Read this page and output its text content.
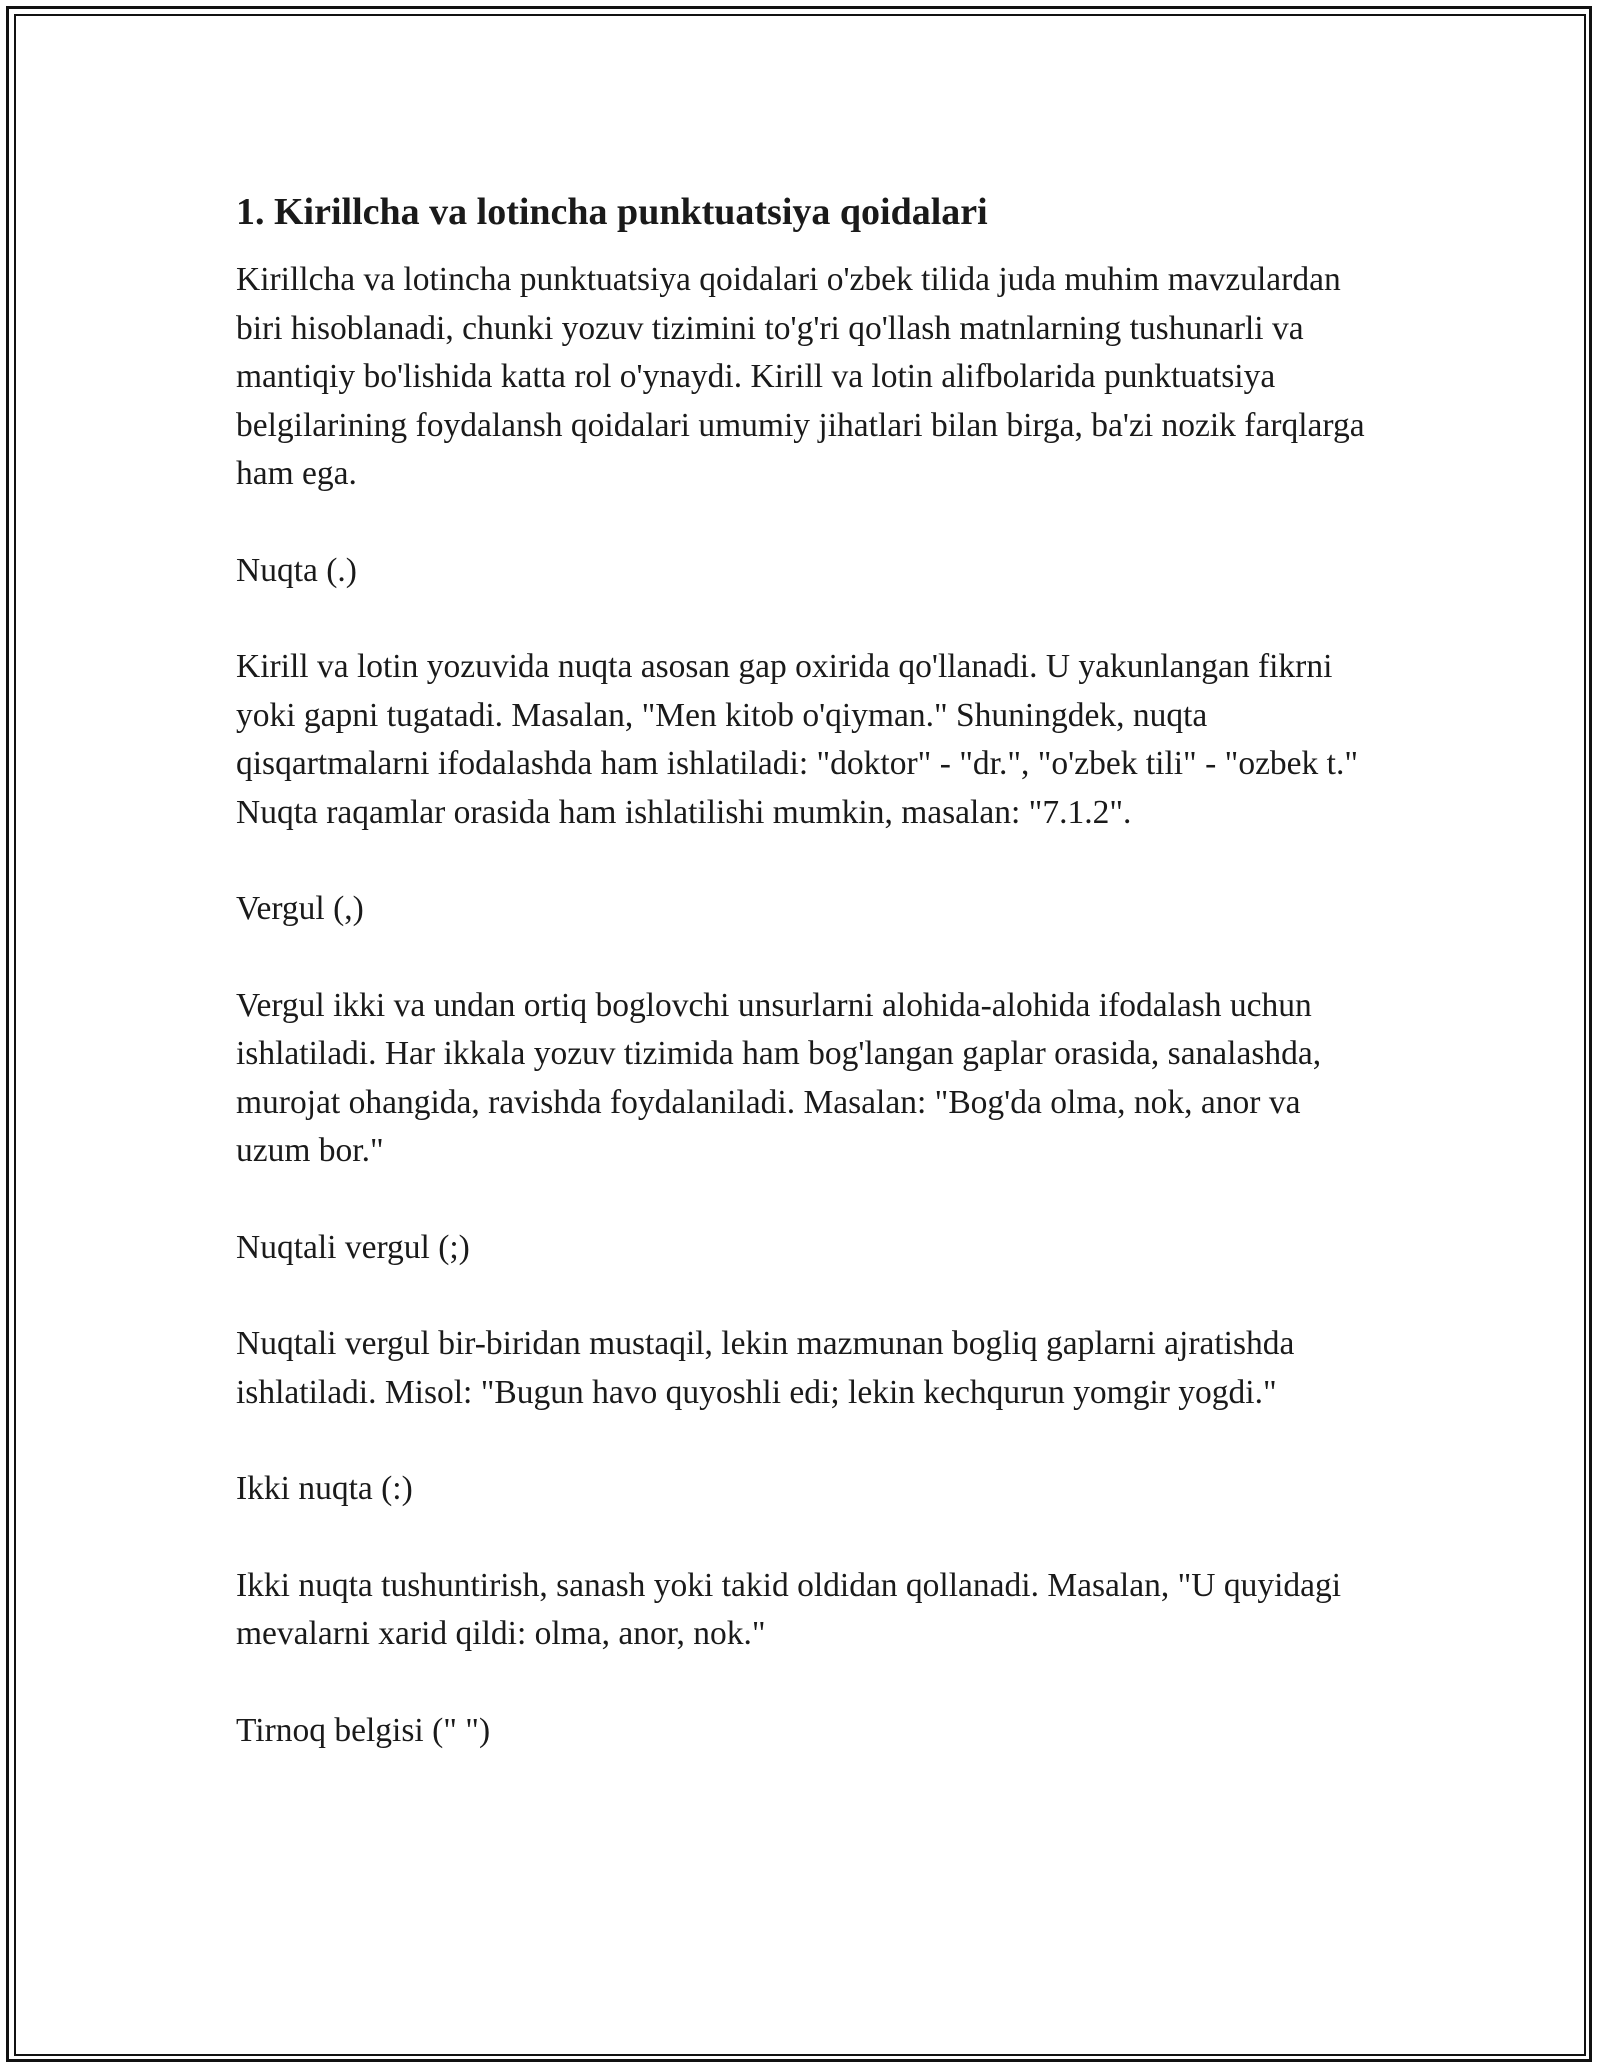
1. Kirillcha va lotincha punktuatsiya qoidalari

Kirillcha va lotincha punktuatsiya qoidalari o'zbek tilida juda muhim mavzulardan biri hisoblanadi, chunki yozuv tizimini to'g'ri qo'llash matnlarning tushunarli va mantiqiy bo'lishida katta rol o'ynaydi. Kirill va lotin alifbolarida punktuatsiya belgilarining foydalansh qoidalari umumiy jihatlari bilan birga, ba'zi nozik farqlarga ham ega.

Nuqta (.)

Kirill va lotin yozuvida nuqta asosan gap oxirida qo'llanadi. U yakunlangan fikrni yoki gapni tugatadi. Masalan, "Men kitob o'qiyman." Shuningdek, nuqta qisqartmalarni ifodalashda ham ishlatiladi: "doktor" - "dr.", "o'zbek tili" - "ozbek t." Nuqta raqamlar orasida ham ishlatilishi mumkin, masalan: "7.1.2".

Vergul (,)

Vergul ikki va undan ortiq boglovchi unsurlarni alohida-alohida ifodalash uchun ishlatiladi. Har ikkala yozuv tizimida ham bog'langan gaplar orasida, sanalashda, murojat ohangida, ravishda foydalaniladi. Masalan: "Bog'da olma, nok, anor va uzum bor."

Nuqtali vergul (;)

Nuqtali vergul bir-biridan mustaqil, lekin mazmunan bogliq gaplarni ajratishda ishlatiladi. Misol: "Bugun havo quyoshli edi; lekin kechqurun yomgir yogdi."

Ikki nuqta (:)

Ikki nuqta tushuntirish, sanash yoki takid oldidan qollanadi. Masalan, "U quyidagi mevalarni xarid qildi: olma, anor, nok."

Tirnoq belgisi (" ")
